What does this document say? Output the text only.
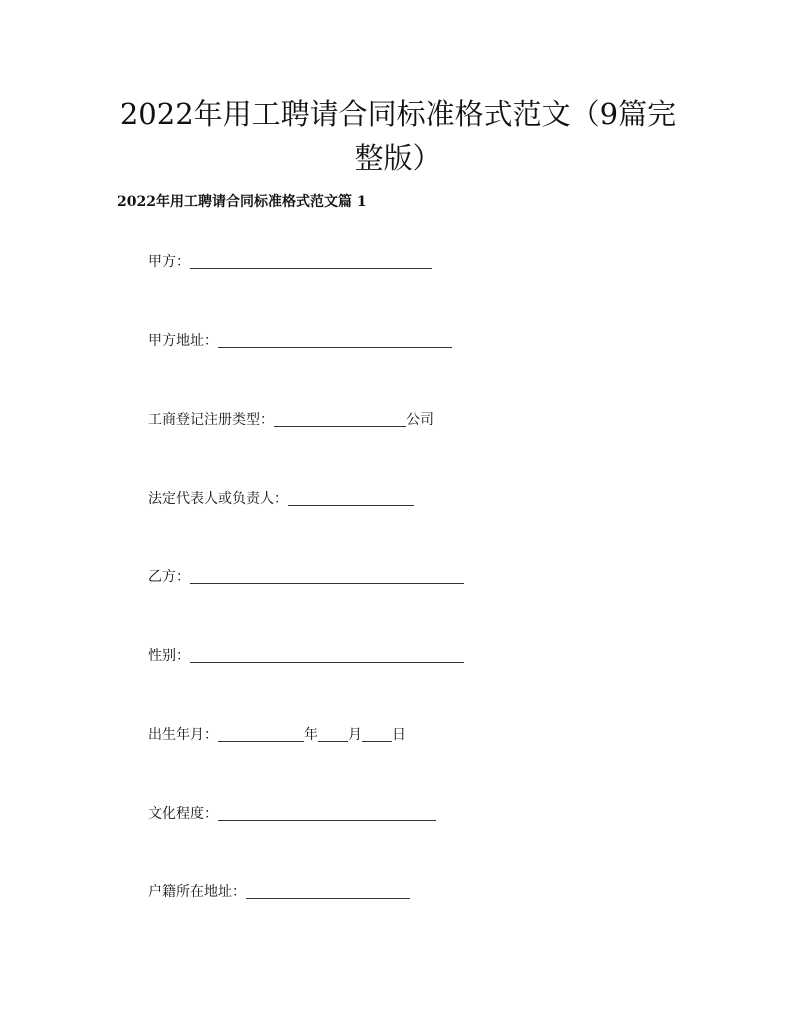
2022年用工聘请合同标准格式范文（9篇完
整版）
2022年用工聘请合同标准格式范文篇 1
甲方：
甲方地址：
工商登记注册类型：	公司
法定代表人或负责人：
乙方：
性别：
出生年月：	年 月 日
文化程度：
户籍所在地址：
